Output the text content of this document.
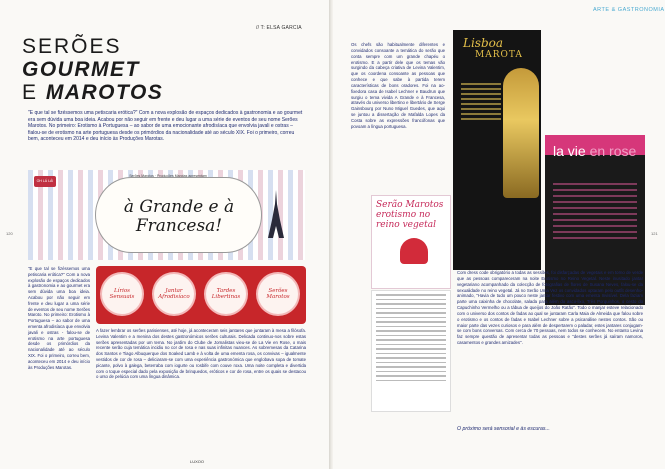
// T: ELSA GARCIA
SERÕES
GOURMET
E MAROTOS
"E que tal se fizéssemos uma petiscaria erótica?" Com a nova explosão de espaços dedicados à gastronomia e ao gourmet era sem dúvida uma boa ideia. Acabou por não seguir em frente e deu lugar a uma série de eventos de seu nome Serões Marotos. No primeiro: Erotismo à Portuguesa – ao sabor de uma emocionante afrodisíaca que envolvia javali e ostras – fialou-se de erotismo na arte portuguesa desde os primórdios da nacionalidade até ao século XIX. Foi o primeiro, correu bem, aconteceu em 2014 e deu início às Produções Marotas.
OH LÁ LÁ!
Serões Marotos · Produções Marotas apresentam
à Grande e à Francesa!
"E que tal se fizéssemos uma petiscaria erótica?" Com a nova explosão de espaços dedicados à gastronomia e ao gourmet era sem dúvida uma boa ideia. Acabou por não seguir em frente e deu lugar a uma série de eventos de seu nome Serões Maroto. No primeiro: Erotismo à Portuguesa – ao sabor de uma ementa afrodisíaca que envolvia javali e ostras - falou-se de erotismo na arte portuguesa desde os primórdios da nacionalidade até ao século XIX. Foi o primeiro, correu bem, aconteceu em 2014 e deu início às Produções Marotas.
Lírios Sensuais
Jantar Afrodisíaco
Tardes Libertinas
Serões Marotos
A fazer lembrar os serões parisienses, até hoje, já aconteceram seis jantares que juntaram à mesa a filósofa. Levina Valentim e a menina dos destes gastronómicos serões culturais. Delicada continuo-nos sobre estas serões apresentadas por um tema. No jardim do Clube de Jornalistas vieu-se de La Vie en Rose, o mais recente serão cuja temática incidiu no cor de rosa e nas suas infinitas nuances. As sobremesas da Catarina dos Santos e Tiago Albuquerque dos Soaked Lamb e à volta de uma ementa rosa, os convivas – igualmente vestidos de cor de rosa – deliciaram-se com uma experiência gastronómica que englobava sopa de tomate picante, polvo à galega, beterraba com iogurte ou rosbife com couve roxa. Uma noite completa e divertida com o toque especial dado pela exposição de brinquedos, eróticos e cor de rosa, entre os quais se destacou o urso de pelúcia com uma língua dinâmica.
120
LUXOO
ARTE & GASTRONOMIA
Os chefs são habitualmente diferentes e convidados consoante a temática do serão que conta sempre com um grande chapéu o erotismo. E a partir dele que os temas vão surgindo da cabeça criativa de Levina Valentim, que os coordena consoante as pessoas que conhece e que sabe à partida terem características de bons oradores. Foi na ao- fixedora casa de Isabel Lechner e Baudrun que surgiu o tema vivida A Grande e à Francesa, através do universo libertino e libertário de Serge Gainsbourg por Nuno Miguel Guedes, que aqui se juntou a dissertação de Mafalda Lopes da Costa sobre as expressões francófonas que povoam a língua portuguesa.
Lisboa
MAROTA
la vie en rose
Serão Marotos erotismo no reino vegetal
Com dress code obrigatório a todas as sessões, foi disfarçadas de vegetais e em torno de verde que as pessoas compareceram na noite Erotismo no Reino Vegetal. Neste inusitado jantar vegetariano acompanhado da colecção de fotografias de flores de Susana Neves, falou-se da sexualidade no reino vegetal. Já no Serão Uma Vez os convidados optaram pelo outfit desenho-animado, "Havia de tudo um pouco neste jantar festivo com uma ementa Invisível. Dela faziam parte uma caixinha de chocolate, salada para além do asco-lixo, Três Porquinhos, o cesto do Capuchinho Vermelho ou a tábua de queijos do João Ratão". Todo o manjar esteve relacionado com o universo dos contos de fadas ao qual se juntaram Carla Maia de Almeida que falou sobre o erotismo e os contos de fadas e Isabel Lechner sobre a psicanálise nestes contos. São ou maior parte das vezes curiosos e para além de despertarem o paladar, estes jantares conjugam-se com bons conversas. Com cerca de 70 pessoas, nem todos se conhecem. No entanto Levina faz sempre questão de apresentar todas as pessoas e "destes serões já saíram namoros, casamentos e grandes amizades".
O próximo será sensorial e às escuras...
121
